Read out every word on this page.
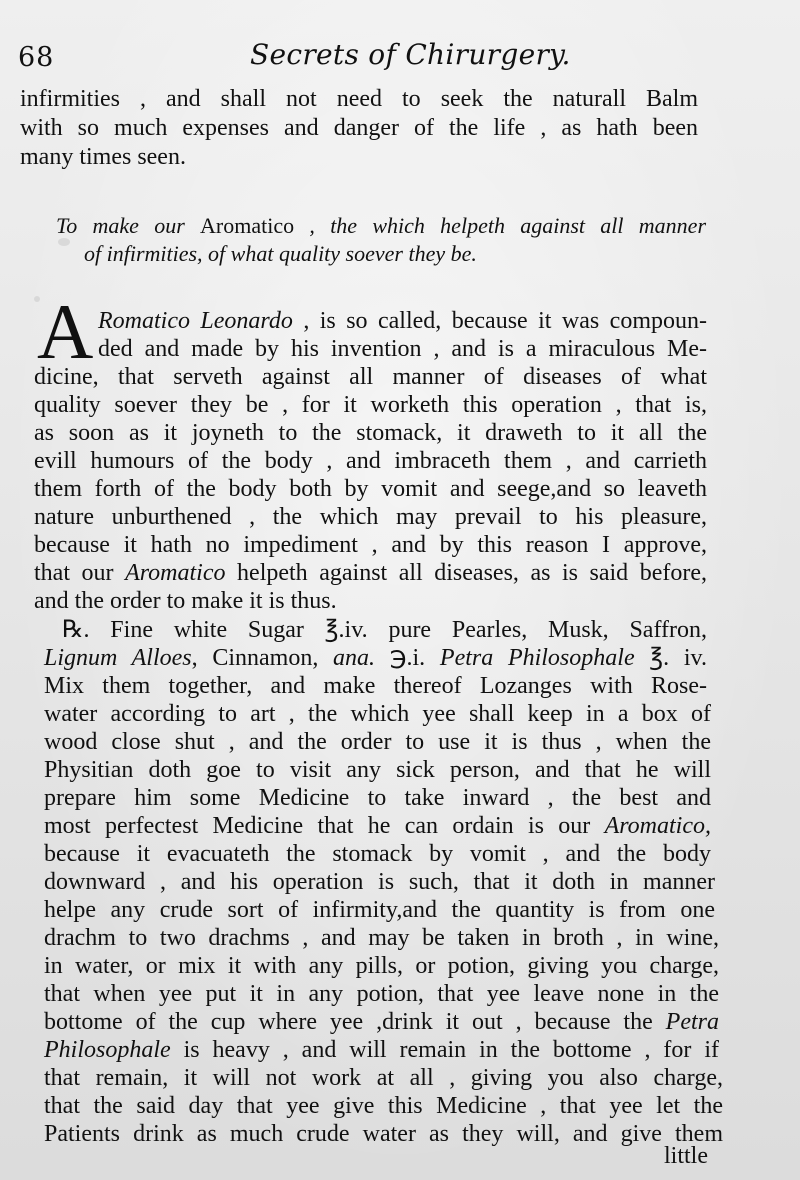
68	Secrets of Chirurgery.
infirmities , and shall not need to seek the naturall Balm
with so much expenses and danger of the life , as hath been
many times seen.
To make our Aromatico , the which helpeth against all manner
of infirmities, of what quality soever they be.
A Romatico Leonardo , is so called, because it was compoun-
ded and made by his invention , and is a miraculous Me-
dicine, that serveth against all manner of diseases of what
quality soever they be , for it worketh this operation , that is,
as soon as it joyneth to the stomack, it draweth to it all the
evill humours of the body , and imbraceth them , and carrieth
them forth of the body both by vomit and seege,and so leaveth
nature unburthened , the which may prevail to his pleasure,
because it hath no impediment , and by this reason I approve,
that our Aromatico helpeth against all diseases, as is said before,
and the order to make it is thus.
℞. Fine white Sugar ℥.iv. pure Pearles, Musk, Saffron,
Lignum Alloes, Cinnamon, ana. ℈.i. Petra Philosophale ℥. iv.
Mix them together, and make thereof Lozanges with Rose-
water according to art , the which yee shall keep in a box of
wood close shut , and the order to use it is thus , when the
Physitian doth goe to visit any sick person, and that he will
prepare him some Medicine to take inward , the best and
most perfectest Medicine that he can ordain is our Aromatico,
because it evacuateth the stomack by vomit , and the body
downward , and his operation is such, that it doth in manner
helpe any crude sort of infirmity,and the quantity is from one
drachm to two drachms , and may be taken in broth , in wine,
in water, or mix it with any pills, or potion, giving you charge,
that when yee put it in any potion, that yee leave none in the
bottome of the cup where yee ,drink it out , because the Petra
Philosophale is heavy , and will remain in the bottome , for if
that remain, it will not work at all , giving you also charge,
that the said day that yee give this Medicine , that yee let the
Patients drink as much crude water as they will, and give them
little
